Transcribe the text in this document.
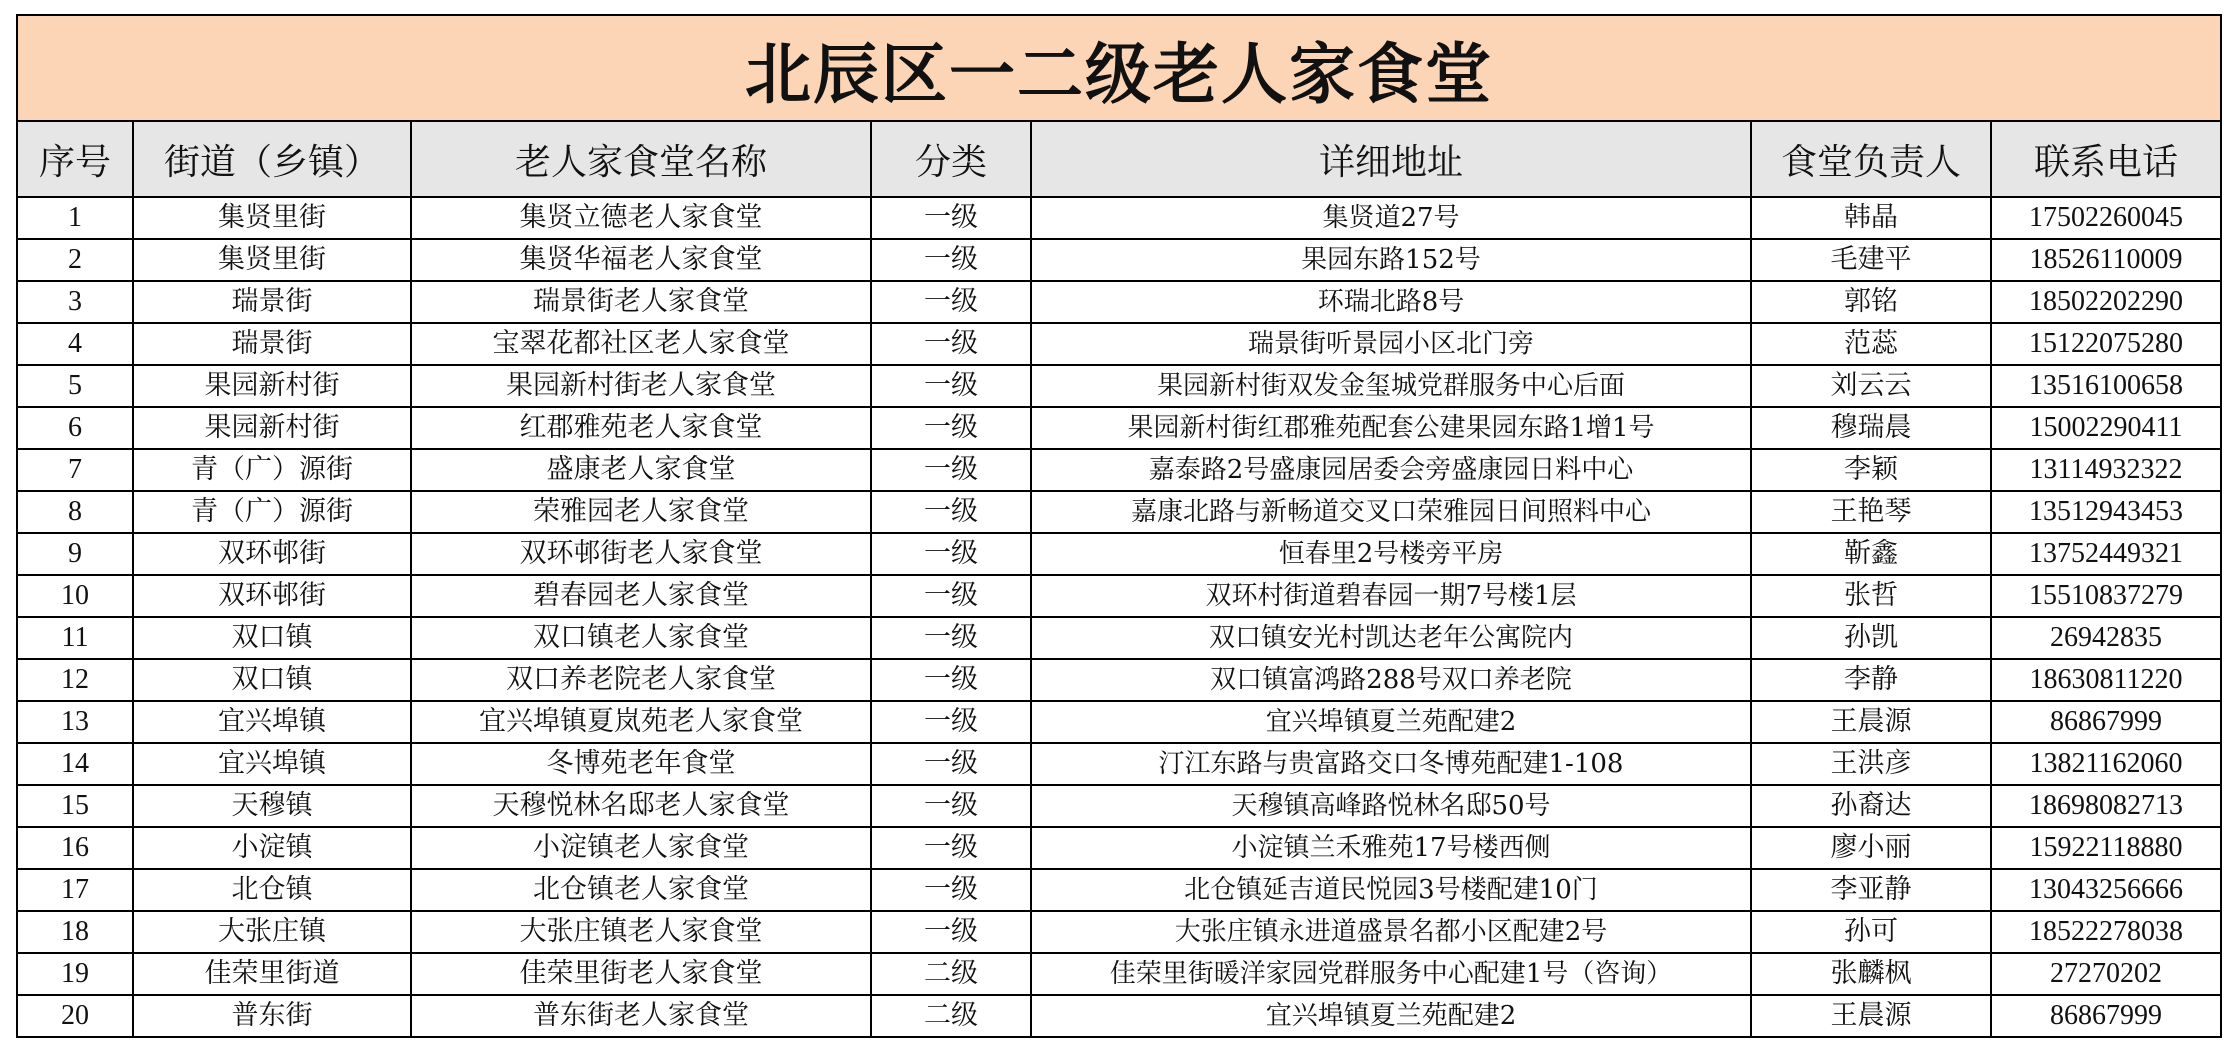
北辰区一二级老人家食堂						
序号	街道（乡镇）	老人家食堂名称	分类	详细地址	食堂负责人	联系电话
1	集贤里街	集贤立德老人家食堂	一级	集贤道27号	韩晶	17502260045
2	集贤里街	集贤华福老人家食堂	一级	果园东路152号	毛建平	18526110009
3	瑞景街	瑞景街老人家食堂	一级	环瑞北路8号	郭铭	18502202290
4	瑞景街	宝翠花都社区老人家食堂	一级	瑞景街听景园小区北门旁	范蕊	15122075280
5	果园新村街	果园新村街老人家食堂	一级	果园新村街双发金玺城党群服务中心后面	刘云云	13516100658
6	果园新村街	红郡雅苑老人家食堂	一级	果园新村街红郡雅苑配套公建果园东路1增1号	穆瑞晨	15002290411
7	青（广）源街	盛康老人家食堂	一级	嘉泰路2号盛康园居委会旁盛康园日料中心	李颖	13114932322
8	青（广）源街	荣雅园老人家食堂	一级	嘉康北路与新畅道交叉口荣雅园日间照料中心	王艳琴	13512943453
9	双环邨街	双环邨街老人家食堂	一级	恒春里2号楼旁平房	靳鑫	13752449321
10	双环邨街	碧春园老人家食堂	一级	双环村街道碧春园一期7号楼1层	张哲	15510837279
11	双口镇	双口镇老人家食堂	一级	双口镇安光村凯达老年公寓院内	孙凯	26942835
12	双口镇	双口养老院老人家食堂	一级	双口镇富鸿路288号双口养老院	李静	18630811220
13	宜兴埠镇	宜兴埠镇夏岚苑老人家食堂	一级	宜兴埠镇夏兰苑配建2	王晨源	86867999
14	宜兴埠镇	冬博苑老年食堂	一级	汀江东路与贵富路交口冬博苑配建1-108	王洪彦	13821162060
15	天穆镇	天穆悦林名邸老人家食堂	一级	天穆镇高峰路悦林名邸50号	孙裔达	18698082713
16	小淀镇	小淀镇老人家食堂	一级	小淀镇兰禾雅苑17号楼西侧	廖小丽	15922118880
17	北仓镇	北仓镇老人家食堂	一级	北仓镇延吉道民悦园3号楼配建10门	李亚静	13043256666
18	大张庄镇	大张庄镇老人家食堂	一级	大张庄镇永进道盛景名都小区配建2号	孙可	18522278038
19	佳荣里街道	佳荣里街老人家食堂	二级	佳荣里街暖洋家园党群服务中心配建1号（咨询）	张麟枫	27270202
20	普东街	普东街老人家食堂	二级	宜兴埠镇夏兰苑配建2	王晨源	86867999
